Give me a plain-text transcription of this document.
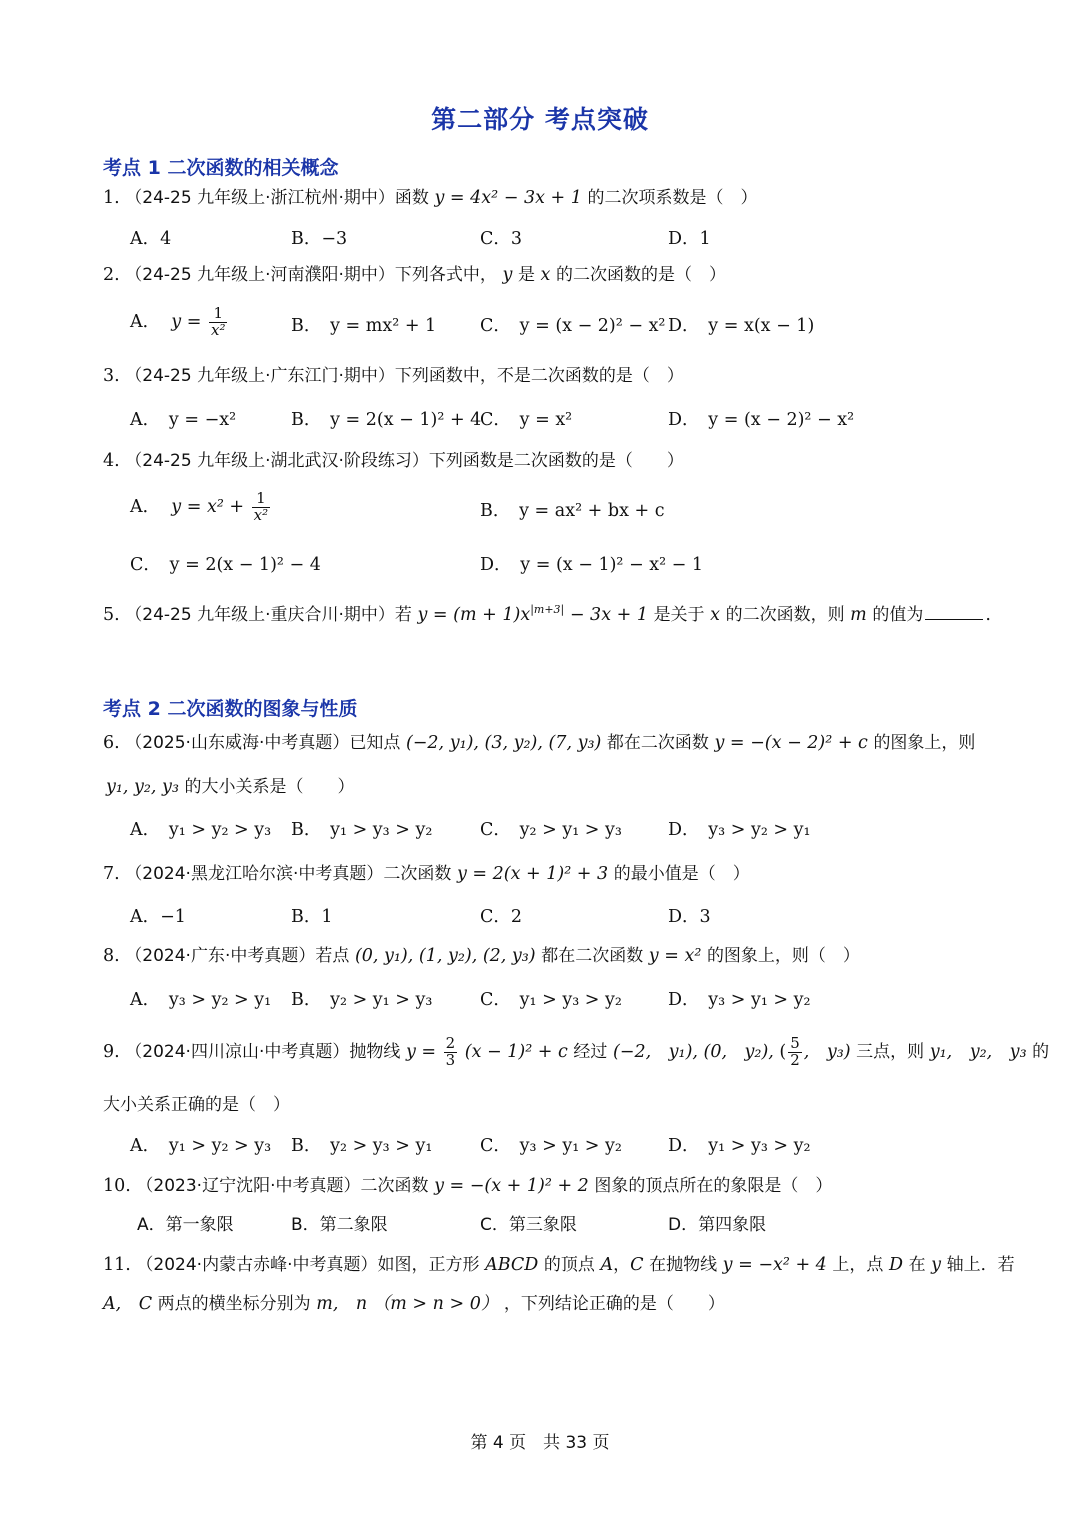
第二部分 考点突破
考点 1 二次函数的相关概念
1. （24-25 九年级上·浙江杭州·期中）函数 y = 4x² − 3x + 1 的二次项系数是（　）
A．4	B．−3	C．3	D．1
2. （24-25 九年级上·河南濮阳·期中）下列各式中， y 是 x 的二次函数的是（　）
A． $y = \frac{1}{\text{x²}}$	B．　y = mx² + 1	C．　y = (x − 2)² − x² D．　y = x(x − 1)
3. （24-25 九年级上·广东江门·期中）下列函数中，不是二次函数的是（　）
A．　y = −x²	B．　y = 2(x − 1)² + 4
C．　y = x²	D．　y = (x − 2)² − x²
4. （24-25 九年级上·湖北武汉·阶段练习）下列函数是二次函数的是（　　）
A． $y = x^2 + \frac{1}{\text{x²}}$	B．　y = ax² + bx + c
C．　y = 2(x − 1)² − 4	D．　y = (x − 1)² − x² − 1
5. （24-25 九年级上·重庆合川·期中）若 $y = (m + 1)x^{|m+3|} - 3x + 1$ 是关于 x 的二次函数，则 m 的值为	.
考点 2 二次函数的图象与性质
6. （2025·山东威海·中考真题）已知点 (−2, y₁), (3, y₂), (7, y₃) 都在二次函数 y = −(x − 2)² + c 的图象上，则
y₁, y₂, y₃ 的大小关系是（　　）
A．　y₁ > y₂ > y₃ B．　y₁ > y₃ > y₂	C．　y₂ > y₁ > y₃	D．　y₃ > y₂ > y₁
7. （2024·黑龙江哈尔滨·中考真题）二次函数 y = 2(x + 1)² + 3 的最小值是（　）
A．−1	B．1	C．2	D．3
8. （2024·广东·中考真题）若点 (0, y₁), (1, y₂), (2, y₃) 都在二次函数 y = x² 的图象上，则（　）
A．　y₃ > y₂ > y₁ B．　y₂ > y₁ > y₃	C．　y₁ > y₃ > y₂	D．　y₃ > y₁ > y₂
9. （2024·四川凉山·中考真题）抛物线 $y = \frac{2}{3} (x - 1)^2 + c$ 经过 (−2,　y₁), (0,　y₂), ( $\frac{5}{2}$ ,　y₃) 三点，则 y₁,　y₂,　y₃ 的
大小关系正确的是（　）
A．　y₁ > y₂ > y₃ B．　y₂ > y₃ > y₁	C．　y₃ > y₁ > y₂	D．　y₁ > y₃ > y₂
10. （2023·辽宁沈阳·中考真题）二次函数 y = −(x + 1)² + 2 图象的顶点所在的象限是（　）
A．第一象限	B．第二象限	C．第三象限	D．第四象限
11. （2024·内蒙古赤峰·中考真题）如图，正方形 ABCD 的顶点 A，C 在抛物线 y = −x² + 4 上，点 D 在 y 轴上．若
A,　C 两点的横坐标分别为 m,　n （m > n > 0） ，下列结论正确的是（　　）
第 4 页　共 33 页
